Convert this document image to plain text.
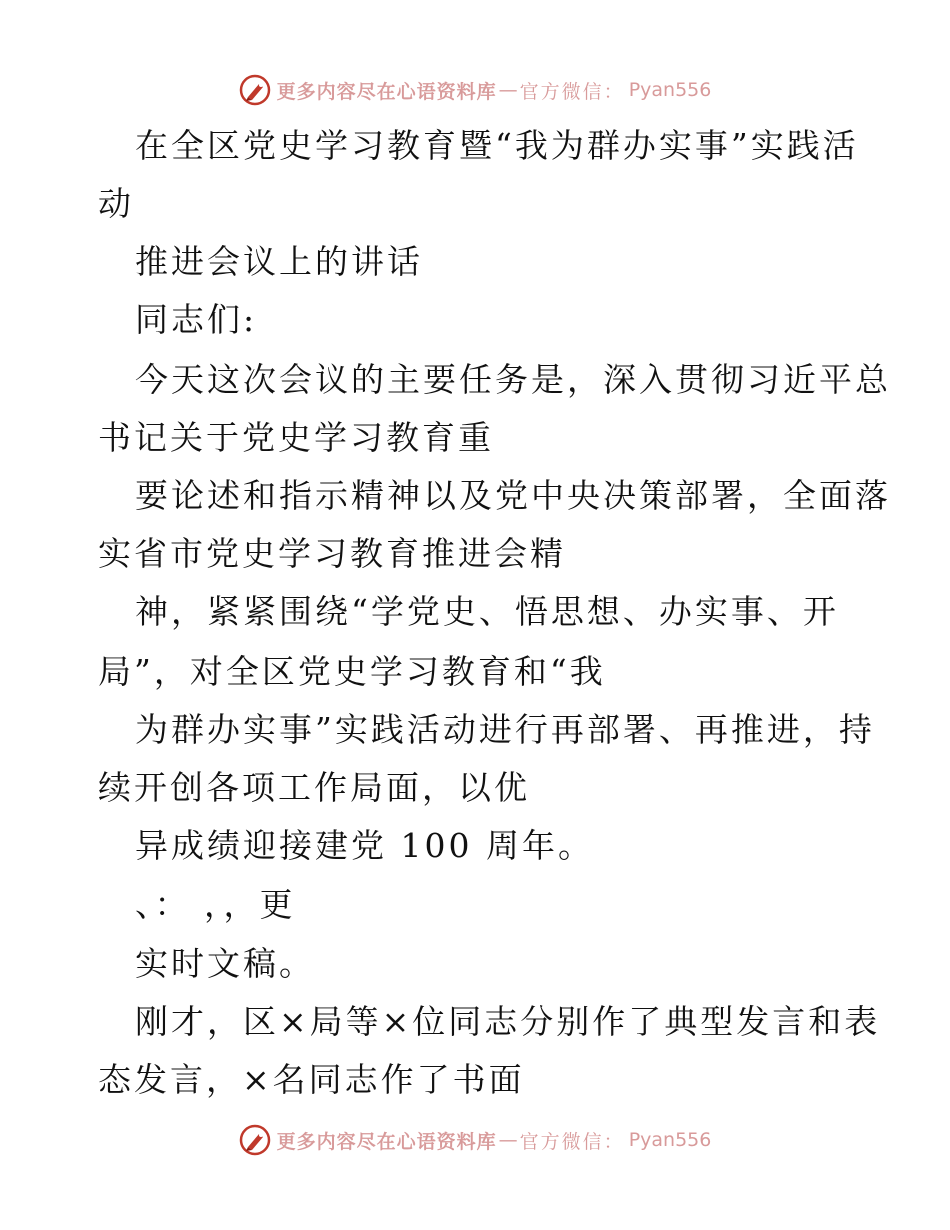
更多内容尽在心语资料库 — 官方微信： Pyan556
在全区党史学习教育暨“我为群办实事”实践活
动
推进会议上的讲话
同志们:
今天这次会议的主要任务是，深入贯彻习近平总
书记关于党史学习教育重
要论述和指示精神以及党中央决策部署，全面落
实省市党史学习教育推进会精
神，紧紧围绕“学党史、悟思想、办实事、开
局”，对全区党史学习教育和“我
为群办实事”实践活动进行再部署、再推进，持
续开创各项工作局面，以优
异成绩迎接建党 100 周年。
、： ，，更
实时文稿。
刚才，区×局等×位同志分别作了典型发言和表
态发言，×名同志作了书面
更多内容尽在心语资料库 — 官方微信： Pyan556
